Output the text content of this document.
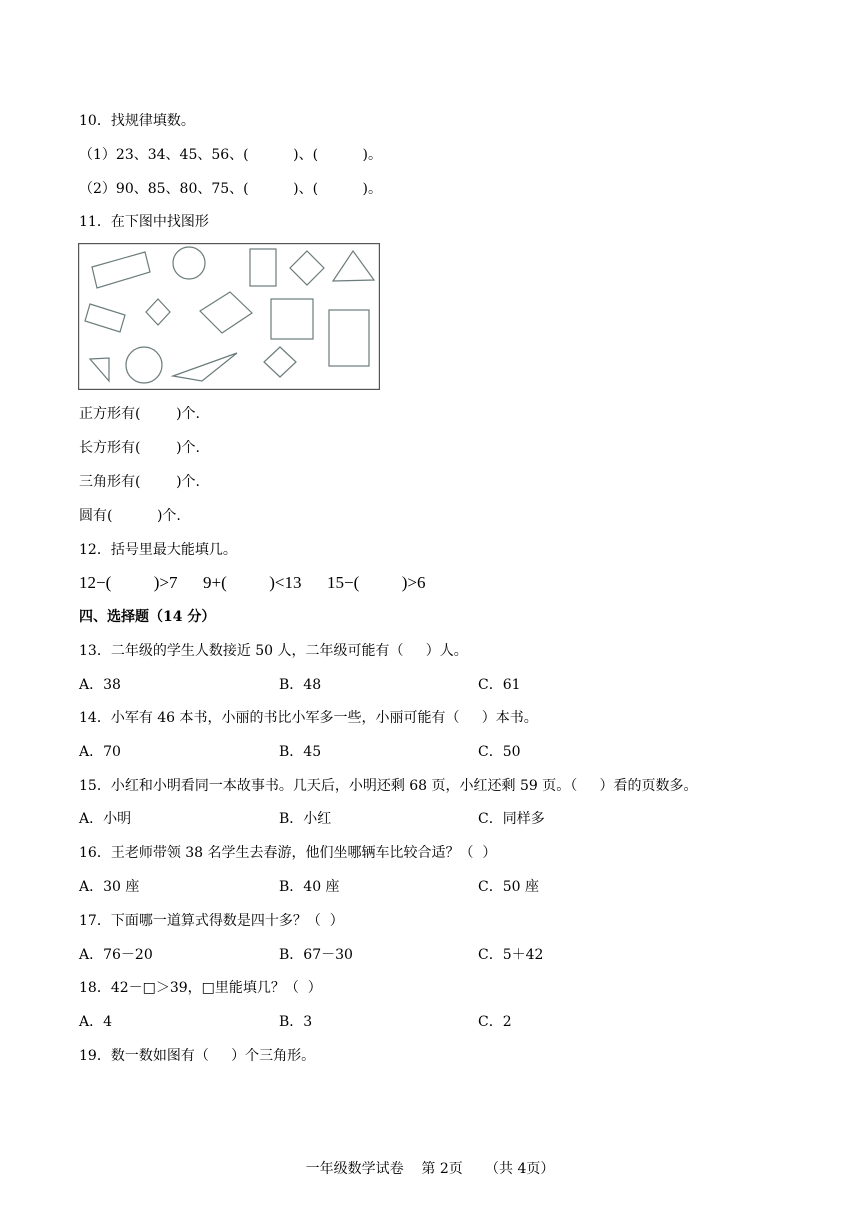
10．找规律填数。
（1）23、34、45、56、(          )、(          )。
（2）90、85、80、75、(          )、(          )。
11．在下图中找图形
正方形有(        )个.
长方形有(        )个.
三角形有(        )个.
圆有(          )个.
12．括号里最大能填几。
12−(          )>7      9+(          )<13      15−(          )>6
四、选择题（14 分）
13．二年级的学生人数接近 50 人，二年级可能有（     ）人。
A．38	B．48	C．61
14．小军有 46 本书，小丽的书比小军多一些，小丽可能有（     ）本书。
A．70	B．45	C．50
15．小红和小明看同一本故事书。几天后，小明还剩 68 页，小红还剩 59 页。（     ）看的页数多。
A．小明	B．小红	C．同样多
16．王老师带领 38 名学生去春游，他们坐哪辆车比较合适？（  ）
A．30 座	B．40 座	C．50 座
17．下面哪一道算式得数是四十多？（  ）
A．76－20	B．67－30	C．5＋42
18．42－□＞39，□里能填几？（  ）
A．4	B．3	C．2
19．数一数如图有（     ）个三角形。
一年级数学试卷    第 2页     （共 4页）
